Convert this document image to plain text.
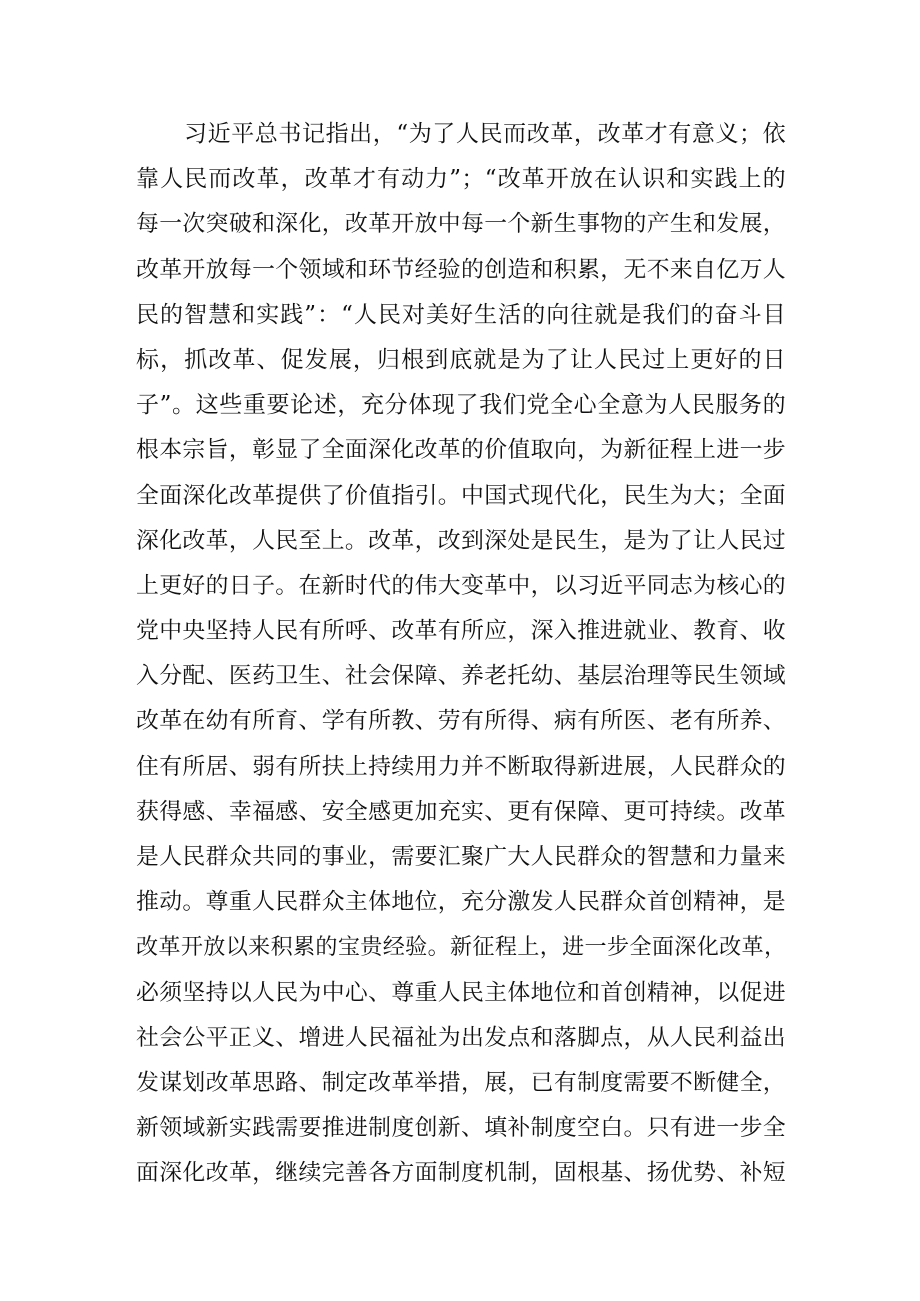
习近平总书记指出，“为了人民而改革，改革才有意义；依
靠人民而改革，改革才有动力”；“改革开放在认识和实践上的
每一次突破和深化，改革开放中每一个新生事物的产生和发展，
改革开放每一个领域和环节经验的创造和积累，无不来自亿万人
民的智慧和实践”：“人民对美好生活的向往就是我们的奋斗目
标，抓改革、促发展，归根到底就是为了让人民过上更好的日
子”。这些重要论述，充分体现了我们党全心全意为人民服务的
根本宗旨，彰显了全面深化改革的价值取向，为新征程上进一步
全面深化改革提供了价值指引。中国式现代化，民生为大；全面
深化改革，人民至上。改革，改到深处是民生，是为了让人民过
上更好的日子。在新时代的伟大变革中，以习近平同志为核心的
党中央坚持人民有所呼、改革有所应，深入推进就业、教育、收
入分配、医药卫生、社会保障、养老托幼、基层治理等民生领域
改革在幼有所育、学有所教、劳有所得、病有所医、老有所养、
住有所居、弱有所扶上持续用力并不断取得新进展，人民群众的
获得感、幸福感、安全感更加充实、更有保障、更可持续。改革
是人民群众共同的事业，需要汇聚广大人民群众的智慧和力量来
推动。尊重人民群众主体地位，充分激发人民群众首创精神，是
改革开放以来积累的宝贵经验。新征程上，进一步全面深化改革，
必须坚持以人民为中心、尊重人民主体地位和首创精神，以促进
社会公平正义、增进人民福祉为出发点和落脚点，从人民利益出
发谋划改革思路、制定改革举措，展，已有制度需要不断健全，
新领域新实践需要推进制度创新、填补制度空白。只有进一步全
面深化改革，继续完善各方面制度机制，固根基、扬优势、补短
